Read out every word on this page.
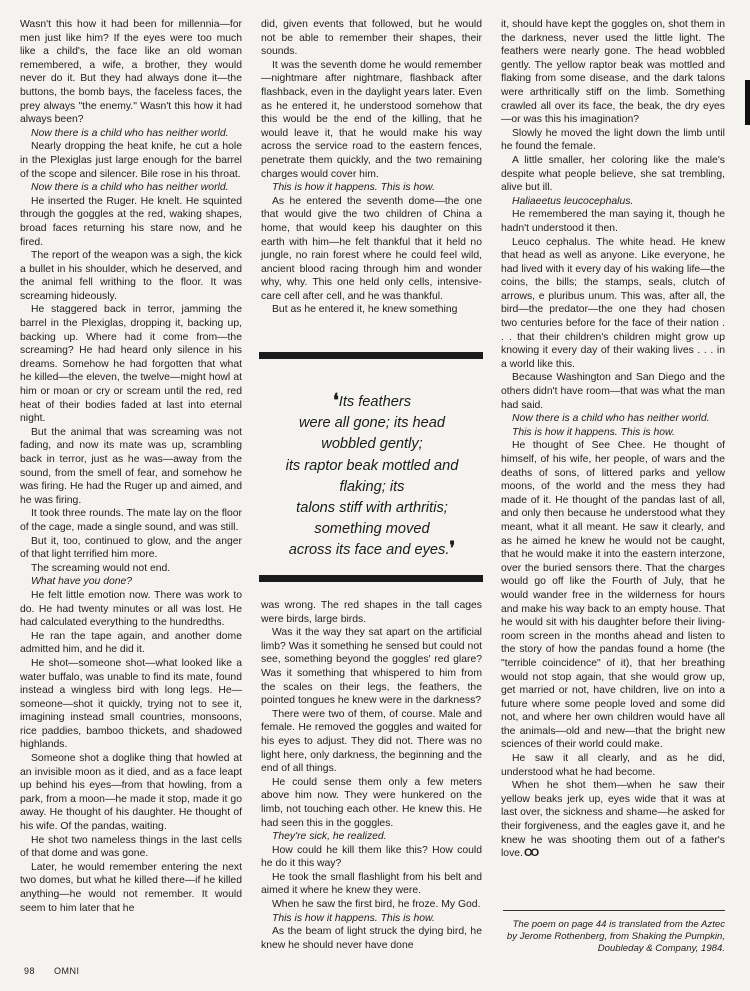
Wasn't this how it had been for millennia—for men just like him? If the eyes were too much like a child's, the face like an old woman remembered, a wife, a brother, they would never do it. But they had always done it—the buttons, the bomb bays, the faceless faces, the prey always "the enemy." Wasn't this how it had always been?

Now there is a child who has neither world.

Nearly dropping the heat knife, he cut a hole in the Plexiglas just large enough for the barrel of the scope and silencer. Bile rose in his throat.

Now there is a child who has neither world.

He inserted the Ruger. He knelt. He squinted through the goggles at the red, waking shapes, broad faces returning his stare now, and he fired.

The report of the weapon was a sigh, the kick a bullet in his shoulder, which he deserved, and the animal fell writhing to the floor. It was screaming hideously.

He staggered back in terror, jamming the barrel in the Plexiglas, dropping it, backing up, backing up. Where had it come from—the screaming? He had heard only silence in his dreams. Somehow he had forgotten that what he killed—the eleven, the twelve—might howl at him or moan or cry or scream until the red, red heat of their bodies faded at last into eternal night.

But the animal that was screaming was not fading, and now its mate was up, scrambling back in terror, just as he was—away from the sound, from the smell of fear, and somehow he was firing. He had the Ruger up and aimed, and he was firing.

It took three rounds. The mate lay on the floor of the cage, made a single sound, and was still.

But it, too, continued to glow, and the anger of that light terrified him more.

The screaming would not end.

What have you done?

He felt little emotion now. There was work to do. He had twenty minutes or all was lost. He had calculated everything to the hundredths.

He ran the tape again, and another dome admitted him, and he did it.

He shot—someone shot—what looked like a water buffalo, was unable to find its mate, found instead a wingless bird with long legs. He—someone—shot it quickly, trying not to see it, imagining instead small countries, monsoons, rice paddies, bamboo thickets, and shadowed highlands.

Someone shot a doglike thing that howled at an invisible moon as it died, and as a face leapt up behind his eyes—from that howling, from a park, from a moon—he made it stop, made it go away. He thought of his daughter. He thought of his wife. Of the pandas, waiting.

He shot two nameless things in the last cells of that dome and was gone.

Later, he would remember entering the next two domes, but what he killed there—if he killed anything—he would not remember. It would seem to him later that he

did, given events that followed, but he would not be able to remember their shapes, their sounds.

It was the seventh dome he would remember—nightmare after nightmare, flashback after flashback, even in the daylight years later. Even as he entered it, he understood somehow that this would be the end of the killing, that he would leave it, that he would make his way across the service road to the eastern fences, penetrate them quickly, and the two remaining charges would cover him.

This is how it happens. This is how.

As he entered the seventh dome—the one that would give the two children of China a home, that would keep his daughter on this earth with him—he felt thankful that it held no jungle, no rain forest where he could feel wild, ancient blood racing through him and wonder why, why. This one held only cells, intensive-care cell after cell, and he was thankful.

But as he entered it, he knew something

❛Its feathers
were all gone; its head
wobbled gently;
its raptor beak mottled and
flaking; its
talons stiff with arthritis;
something moved
across its face and eyes.❜

was wrong. The red shapes in the tall cages were birds, large birds.

Was it the way they sat apart on the artificial limb? Was it something he sensed but could not see, something beyond the goggles' red glare? Was it something that whispered to him from the scales on their legs, the feathers, the pointed tongues he knew were in the darkness?

There were two of them, of course. Male and female. He removed the goggles and waited for his eyes to adjust. They did not. There was no light here, only darkness, the beginning and the end of all things.

He could sense them only a few meters above him now. They were hunkered on the limb, not touching each other. He knew this. He had seen this in the goggles.

They're sick, he realized.

How could he kill them like this? How could he do it this way?

He took the small flashlight from his belt and aimed it where he knew they were.

When he saw the first bird, he froze. My God.

This is how it happens. This is how.

As the beam of light struck the dying bird, he knew he should never have done

it, should have kept the goggles on, shot them in the darkness, never used the little light. The feathers were nearly gone. The head wobbled gently. The yellow raptor beak was mottled and flaking from some disease, and the dark talons were arthritically stiff on the limb. Something crawled all over its face, the beak, the dry eyes—or was this his imagination?

Slowly he moved the light down the limb until he found the female.

A little smaller, her coloring like the male's despite what people believe, she sat trembling, alive but ill.

Haliaeetus leucocephalus.

He remembered the man saying it, though he hadn't understood it then.

Leuco cephalus. The white head. He knew that head as well as anyone. Like everyone, he had lived with it every day of his waking life—the coins, the bills; the stamps, seals, clutch of arrows, e pluribus unum. This was, after all, the bird—the predator—the one they had chosen two centuries before for the face of their nation . . . that their children's children might grow up knowing it every day of their waking lives . . . in a world like this.

Because Washington and San Diego and the others didn't have room—that was what the man had said.

Now there is a child who has neither world.

This is how it happens. This is how.

He thought of See Chee. He thought of himself, of his wife, her people, of wars and the deaths of sons, of littered parks and yellow moons, of the world and the mess they had made of it. He thought of the pandas last of all, and only then because he understood what they meant, what it all meant. He saw it clearly, and as he aimed he knew he would not be caught, that he would make it into the eastern interzone, over the buried sensors there. That the charges would go off like the Fourth of July, that he would wander free in the wilderness for hours and make his way back to an empty house. That he would sit with his daughter before their living-room screen in the months ahead and listen to the story of how the pandas found a home (the "terrible coincidence" of it), that her breathing would not stop again, that she would grow up, get married or not, have children, live on into a future where some people loved and some did not, and where her own children would have all the animals—old and new—that the bright new sciences of their world could make.

He saw it all clearly, and as he did, understood what he had become.

When he shot them—when he saw their yellow beaks jerk up, eyes wide that it was at last over, the sickness and shame—he asked for their forgiveness, and the eagles gave it, and he knew he was shooting them out of a father's love. OO

The poem on page 44 is translated from the Aztec by Jerome Rothenberg, from Shaking the Pumpkin, Doubleday & Company, 1984.
98 OMNI
